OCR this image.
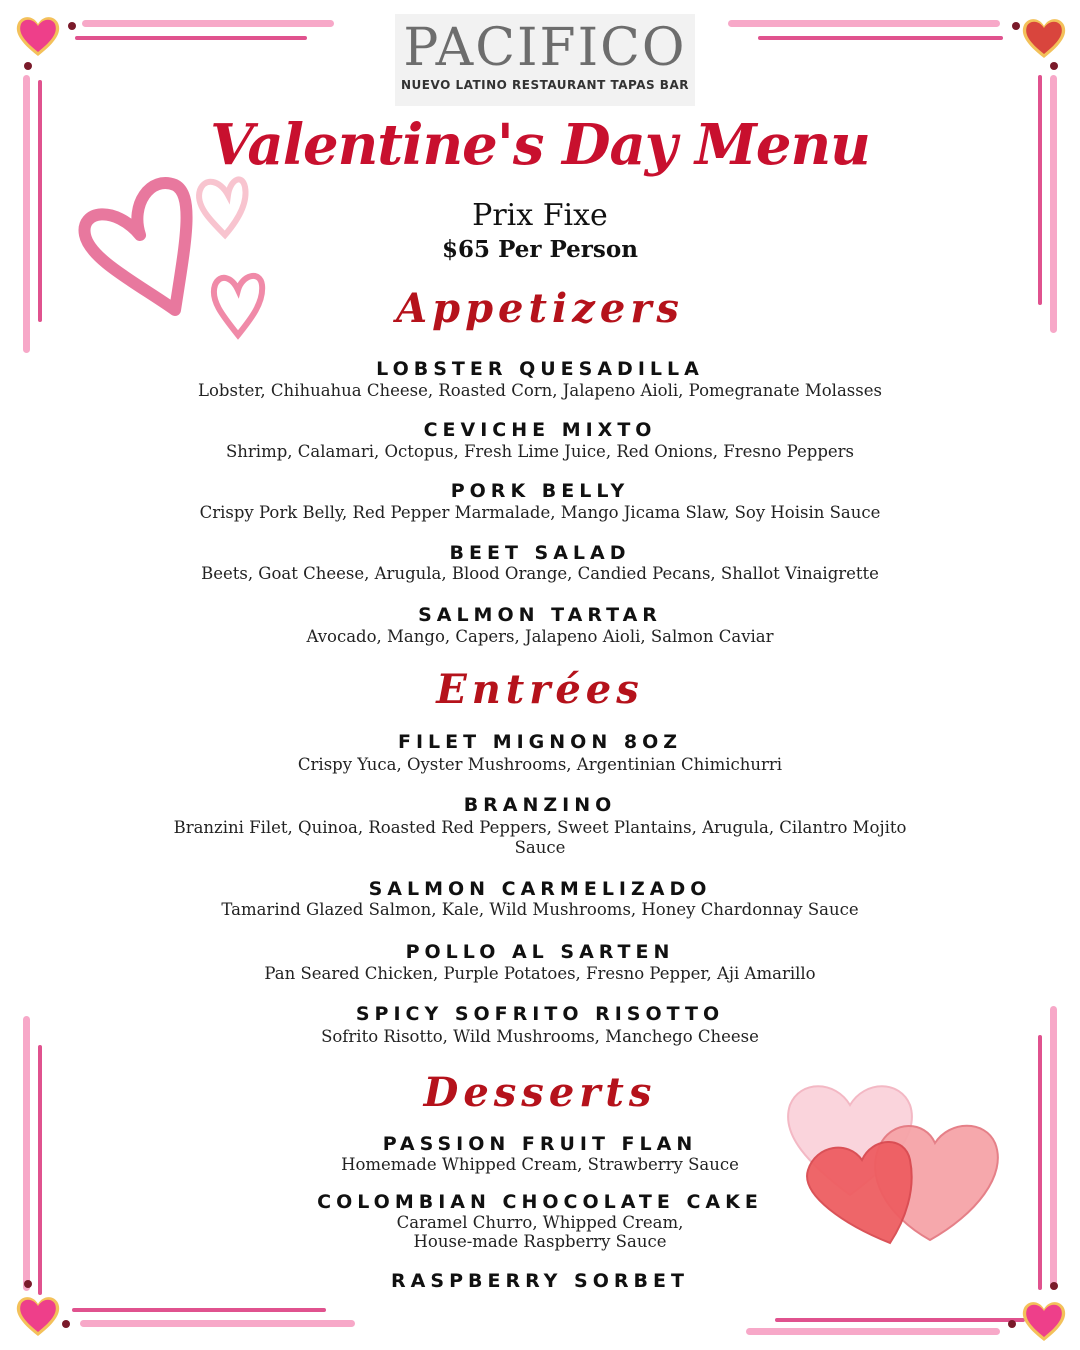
PACIFICO
NUEVO LATINO RESTAURANT TAPAS BAR
Valentine's Day Menu
Prix Fixe
$65 Per Person
Appetizers
LOBSTER QUESADILLA
Lobster, Chihuahua Cheese, Roasted Corn, Jalapeno Aioli, Pomegranate Molasses
CEVICHE MIXTO
Shrimp, Calamari, Octopus, Fresh Lime Juice, Red Onions, Fresno Peppers
PORK BELLY
Crispy Pork Belly, Red Pepper Marmalade, Mango Jicama Slaw, Soy Hoisin Sauce
BEET SALAD
Beets, Goat Cheese, Arugula, Blood Orange, Candied Pecans, Shallot Vinaigrette
SALMON TARTAR
Avocado, Mango, Capers, Jalapeno Aioli, Salmon Caviar
Entrées
FILET MIGNON 8OZ
Crispy Yuca, Oyster Mushrooms, Argentinian Chimichurri
BRANZINO
Branzini Filet, Quinoa, Roasted Red Peppers, Sweet Plantains, Arugula, Cilantro Mojito
Sauce
SALMON CARMELIZADO
Tamarind Glazed Salmon, Kale, Wild Mushrooms, Honey Chardonnay Sauce
POLLO AL SARTEN
Pan Seared Chicken, Purple Potatoes, Fresno Pepper, Aji Amarillo
SPICY SOFRITO RISOTTO
Sofrito Risotto, Wild Mushrooms, Manchego Cheese
Desserts
PASSION FRUIT FLAN
Homemade Whipped Cream, Strawberry Sauce
COLOMBIAN CHOCOLATE CAKE
Caramel Churro, Whipped Cream,
House-made Raspberry Sauce
RASPBERRY SORBET
